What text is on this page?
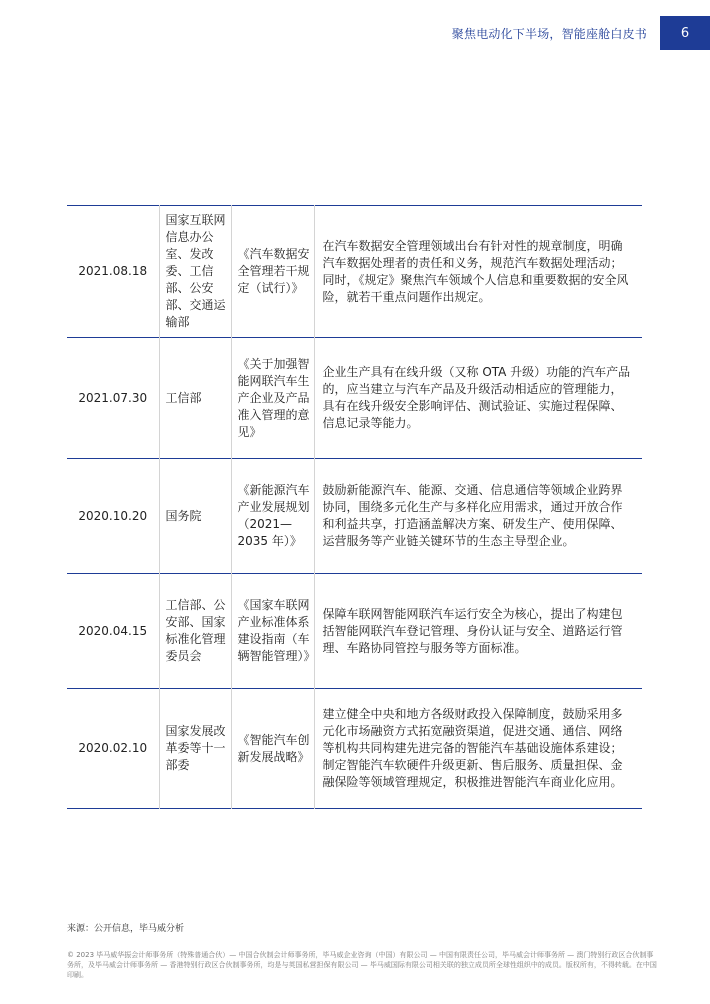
聚焦电动化下半场，智能座舱白皮书	6
2021.08.18	国家互联网信息办公室、发改委、工信部、公安部、交通运输部	《汽车数据安全管理若干规定（试行）》	在汽车数据安全管理领域出台有针对性的规章制度，明确汽车数据处理者的责任和义务，规范汽车数据处理活动；同时，《规定》聚焦汽车领域个人信息和重要数据的安全风险，就若干重点问题作出规定。
2021.07.30	工信部	《关于加强智能网联汽车生产企业及产品准入管理的意见》	企业生产具有在线升级（又称 OTA 升级）功能的汽车产品的，应当建立与汽车产品及升级活动相适应的管理能力，具有在线升级安全影响评估、测试验证、实施过程保障、信息记录等能力。
2020.10.20	国务院	《新能源汽车产业发展规划（2021—2035 年）》	鼓励新能源汽车、能源、交通、信息通信等领域企业跨界协同，围绕多元化生产与多样化应用需求，通过开放合作和利益共享，打造涵盖解决方案、研发生产、使用保障、运营服务等产业链关键环节的生态主导型企业。
2020.04.15	工信部、公安部、国家标准化管理委员会	《国家车联网产业标准体系建设指南（车辆智能管理）》	保障车联网智能网联汽车运行安全为核心，提出了构建包括智能网联汽车登记管理、身份认证与安全、道路运行管理、车路协同管控与服务等方面标准。
2020.02.10	国家发展改革委等十一部委	《智能汽车创新发展战略》	建立健全中央和地方各级财政投入保障制度，鼓励采用多元化市场融资方式拓宽融资渠道，促进交通、通信、网络等机构共同构建先进完备的智能汽车基础设施体系建设；制定智能汽车软硬件升级更新、售后服务、质量担保、金融保险等领域管理规定，积极推进智能汽车商业化应用。
来源：公开信息，毕马威分析
© 2023 毕马威华振会计师事务所（特殊普通合伙）— 中国合伙制会计师事务所，毕马威企业咨询（中国）有限公司 — 中国有限责任公司，毕马威会计师事务所 — 澳门特别行政区合伙制事务所，及毕马威会计师事务所 — 香港特别行政区合伙制事务所，均是与英国私营担保有限公司 — 毕马威国际有限公司相关联的独立成员所全球性组织中的成员。版权所有，不得转载。在中国印刷。
